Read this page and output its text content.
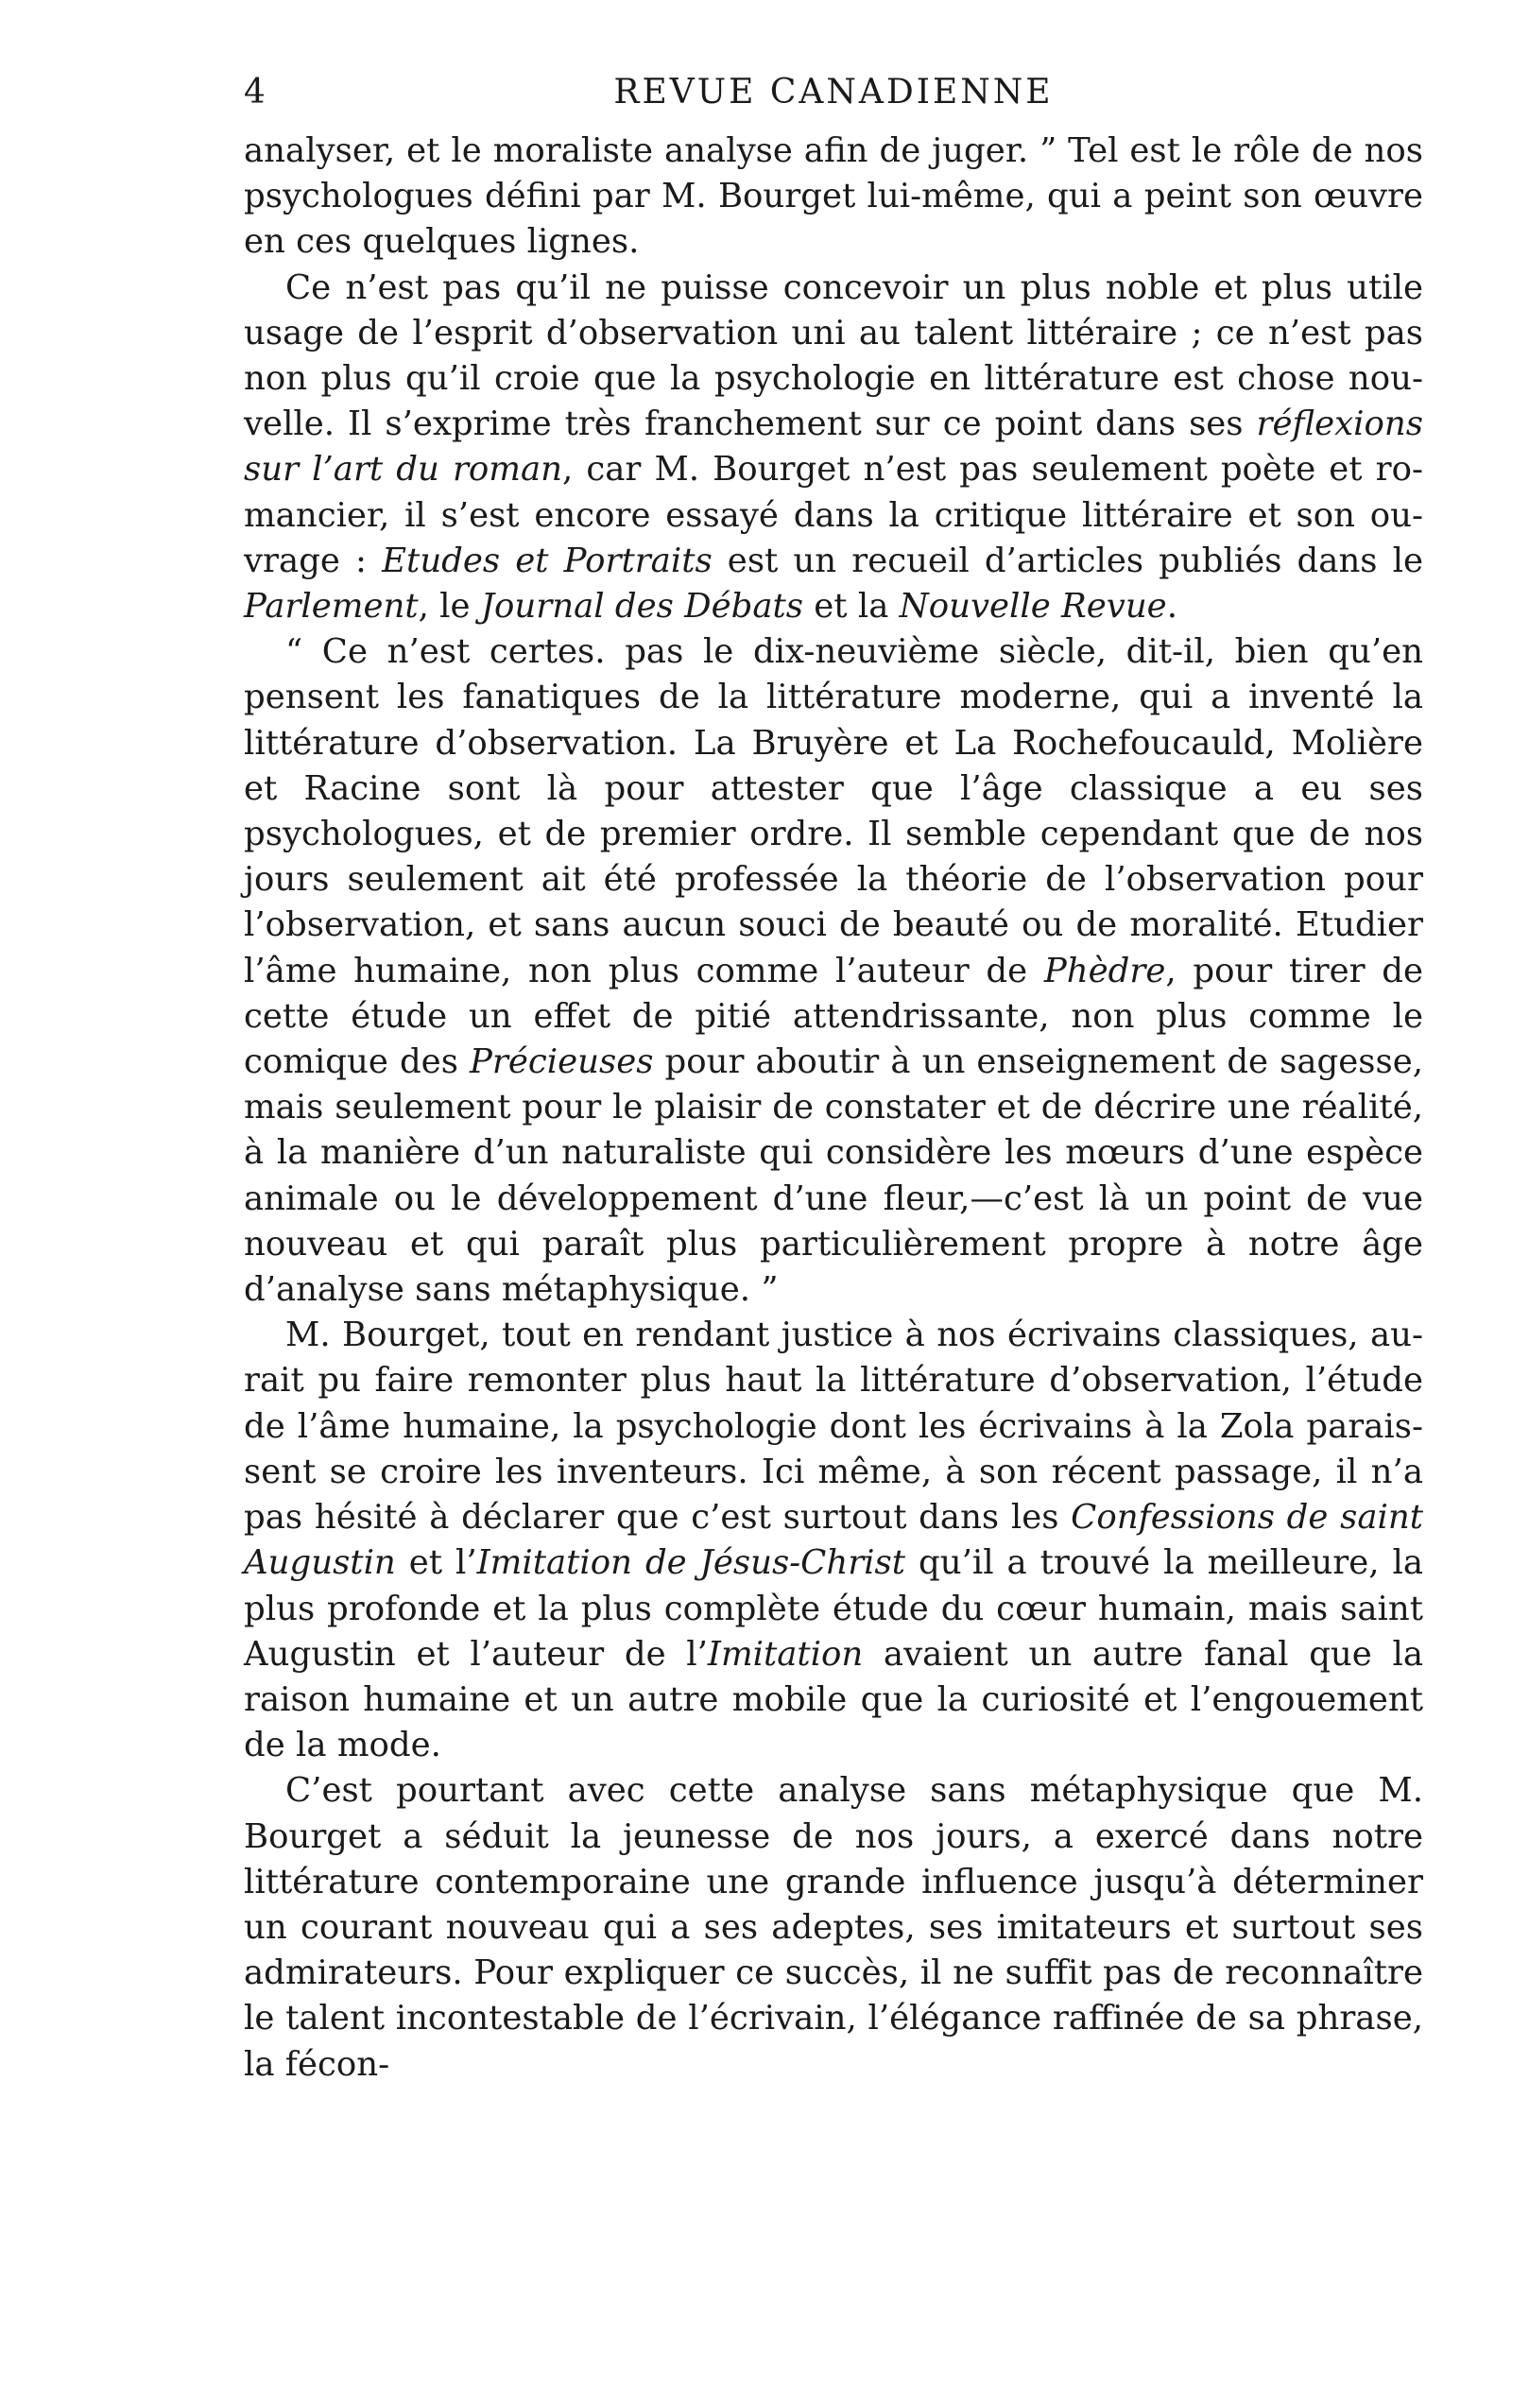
4	REVUE CANADIENNE

analyser, et le moraliste analyse afin de juger. ” Tel est le rôle de nos psychologues défini par M. Bourget lui-même, qui a peint son œuvre en ces quelques lignes.

Ce n’est pas qu’il ne puisse concevoir un plus noble et plus utile usage de l’esprit d’observation uni au talent littéraire ; ce n’est pas non plus qu’il croie que la psychologie en littérature est chose nouvelle. Il s’exprime très franchement sur ce point dans ses réflexions sur l’art du roman, car M. Bourget n’est pas seulement poète et romancier, il s’est encore essayé dans la critique littéraire et son ouvrage : Etudes et Portraits est un recueil d’articles publiés dans le Parlement, le Journal des Débats et la Nouvelle Revue.

“ Ce n’est certes. pas le dix-neuvième siècle, dit-il, bien qu’en pensent les fanatiques de la littérature moderne, qui a inventé la littérature d’observation. La Bruyère et La Rochefoucauld, Molière et Racine sont là pour attester que l’âge classique a eu ses psychologues, et de premier ordre. Il semble cependant que de nos jours seulement ait été professée la théorie de l’observation pour l’observation, et sans aucun souci de beauté ou de moralité. Etudier l’âme humaine, non plus comme l’auteur de Phèdre, pour tirer de cette étude un effet de pitié attendrissante, non plus comme le comique des Précieuses pour aboutir à un enseignement de sagesse, mais seulement pour le plaisir de constater et de décrire une réalité, à la manière d’un naturaliste qui considère les mœurs d’une espèce animale ou le développement d’une fleur,—c’est là un point de vue nouveau et qui paraît plus particulièrement propre à notre âge d’analyse sans métaphysique. ”

M. Bourget, tout en rendant justice à nos écrivains classiques, aurait pu faire remonter plus haut la littérature d’observation, l’étude de l’âme humaine, la psychologie dont les écrivains à la Zola paraissent se croire les inventeurs. Ici même, à son récent passage, il n’a pas hésité à déclarer que c’est surtout dans les Confessions de saint Augustin et l’Imitation de Jésus-Christ qu’il a trouvé la meilleure, la plus profonde et la plus complète étude du cœur humain, mais saint Augustin et l’auteur de l’Imitation avaient un autre fanal que la raison humaine et un autre mobile que la curiosité et l’engouement de la mode.

C’est pourtant avec cette analyse sans métaphysique que M. Bourget a séduit la jeunesse de nos jours, a exercé dans notre littérature contemporaine une grande influence jusqu’à déterminer un courant nouveau qui a ses adeptes, ses imitateurs et surtout ses admirateurs. Pour expliquer ce succès, il ne suffit pas de reconnaître le talent incontestable de l’écrivain, l’élégance raffinée de sa phrase, la fécon-
